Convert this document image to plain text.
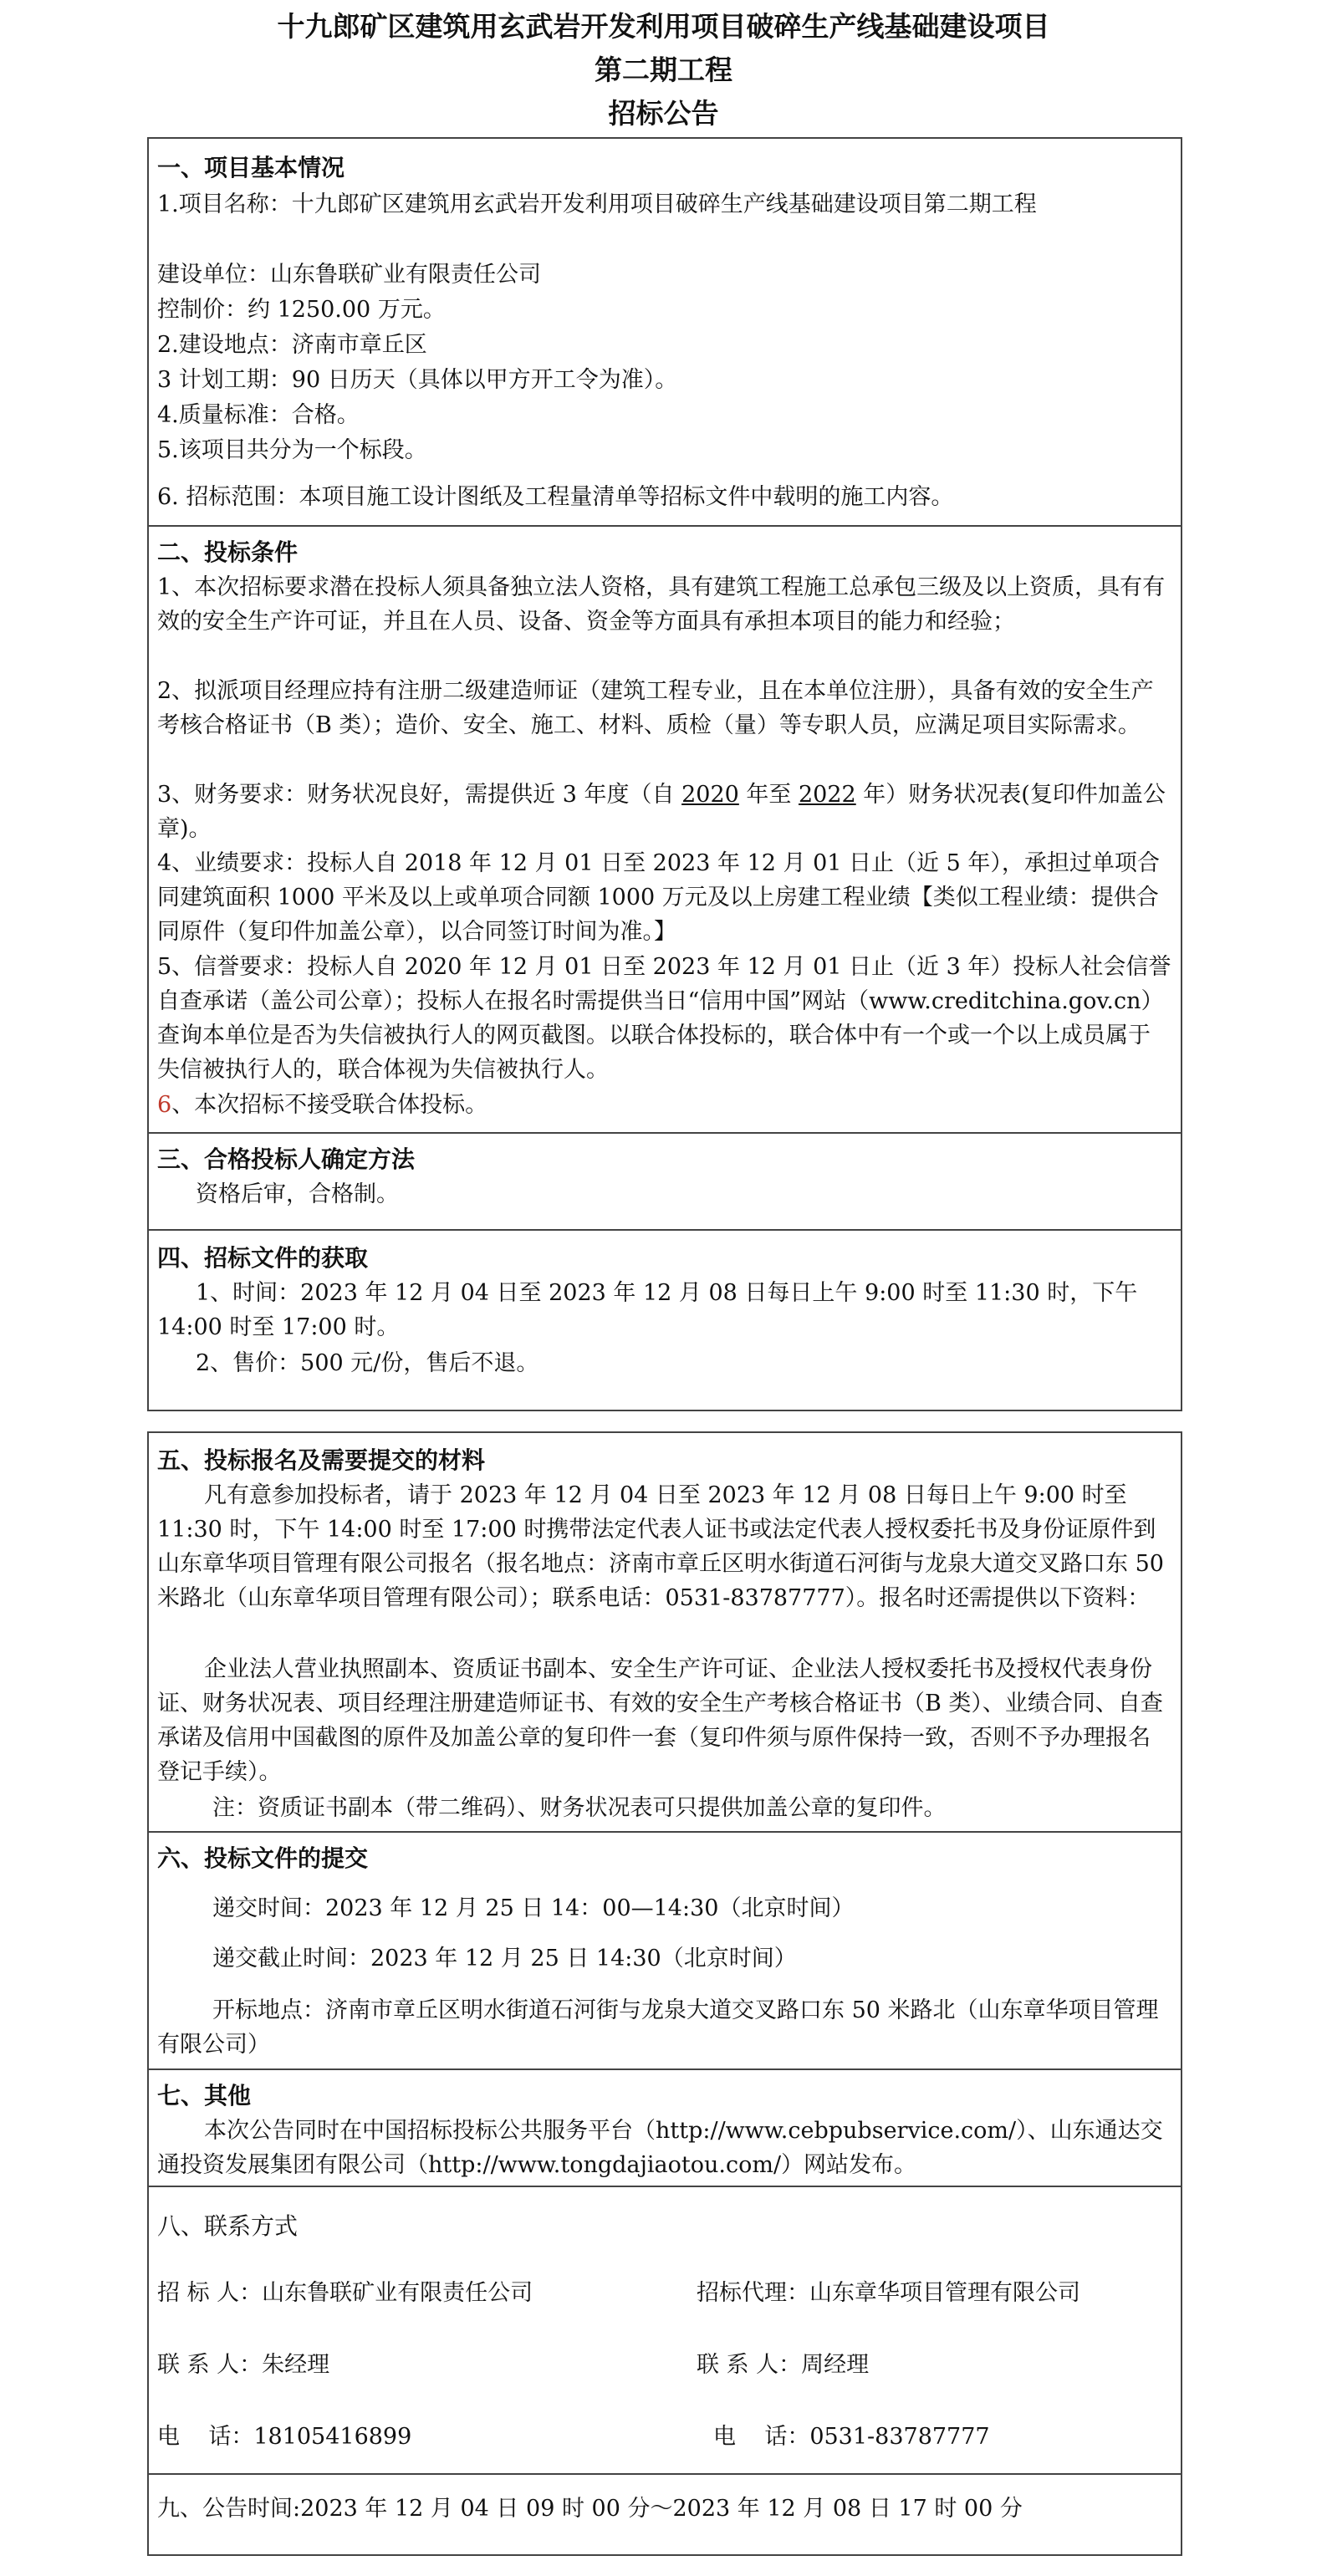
十九郎矿区建筑用玄武岩开发利用项目破碎生产线基础建设项目
第二期工程
招标公告
一、项目基本情况
1.项目名称：十九郎矿区建筑用玄武岩开发利用项目破碎生产线基础建设项目第二期工程
建设单位：山东鲁联矿业有限责任公司
控制价：约 1250.00 万元。
2.建设地点：济南市章丘区
3 计划工期：90 日历天（具体以甲方开工令为准）。
4.质量标准：合格。
5.该项目共分为一个标段。
6. 招标范围：本项目施工设计图纸及工程量清单等招标文件中载明的施工内容。
二、投标条件
1、本次招标要求潜在投标人须具备独立法人资格，具有建筑工程施工总承包三级及以上资质，具有有效的安全生产许可证，并且在人员、设备、资金等方面具有承担本项目的能力和经验；
2、拟派项目经理应持有注册二级建造师证（建筑工程专业，且在本单位注册），具备有效的安全生产考核合格证书（B 类）；造价、安全、施工、材料、质检（量）等专职人员，应满足项目实际需求。
3、财务要求：财务状况良好，需提供近 3 年度（自 2020 年至 2022 年）财务状况表(复印件加盖公章)。
4、业绩要求：投标人自 2018 年 12 月 01 日至 2023 年 12 月 01 日止（近 5 年），承担过单项合同建筑面积 1000 平米及以上或单项合同额 1000 万元及以上房建工程业绩【类似工程业绩：提供合同原件（复印件加盖公章），以合同签订时间为准。】
5、信誉要求：投标人自 2020 年 12 月 01 日至 2023 年 12 月 01 日止（近 3 年）投标人社会信誉自查承诺（盖公司公章）；投标人在报名时需提供当日“信用中国”网站（www.creditchina.gov.cn）查询本单位是否为失信被执行人的网页截图。以联合体投标的，联合体中有一个或一个以上成员属于失信被执行人的，联合体视为失信被执行人。
6、本次招标不接受联合体投标。
三、合格投标人确定方法
资格后审，合格制。
四、招标文件的获取
1、时间：2023 年 12 月 04 日至 2023 年 12 月 08 日每日上午 9:00 时至 11:30 时，下午 14:00 时至 17:00 时。
2、售价：500 元/份，售后不退。
五、投标报名及需要提交的材料
凡有意参加投标者，请于 2023 年 12 月 04 日至 2023 年 12 月 08 日每日上午 9:00 时至 11:30 时，下午 14:00 时至 17:00 时携带法定代表人证书或法定代表人授权委托书及身份证原件到山东章华项目管理有限公司报名（报名地点：济南市章丘区明水街道石河街与龙泉大道交叉路口东 50 米路北（山东章华项目管理有限公司）；联系电话：0531-83787777）。报名时还需提供以下资料：
企业法人营业执照副本、资质证书副本、安全生产许可证、企业法人授权委托书及授权代表身份证、财务状况表、项目经理注册建造师证书、有效的安全生产考核合格证书（B 类）、业绩合同、自查承诺及信用中国截图的原件及加盖公章的复印件一套（复印件须与原件保持一致，否则不予办理报名登记手续）。
注：资质证书副本（带二维码）、财务状况表可只提供加盖公章的复印件。
六、投标文件的提交
递交时间：2023 年 12 月 25 日 14：00—14:30（北京时间）
递交截止时间：2023 年 12 月 25 日 14:30（北京时间）
开标地点：济南市章丘区明水街道石河街与龙泉大道交叉路口东 50 米路北（山东章华项目管理有限公司）
七、其他
本次公告同时在中国招标投标公共服务平台（http://www.cebpubservice.com/）、山东通达交通投资发展集团有限公司（http://www.tongdajiaotou.com/）网站发布。
八、联系方式
招 标 人：山东鲁联矿业有限责任公司	招标代理：山东章华项目管理有限公司
联 系 人：朱经理	联 系 人：周经理
电    话：18105416899	电    话：0531-83787777
九、公告时间:2023 年 12 月 04 日 09 时 00 分～2023 年 12 月 08 日 17 时 00 分
